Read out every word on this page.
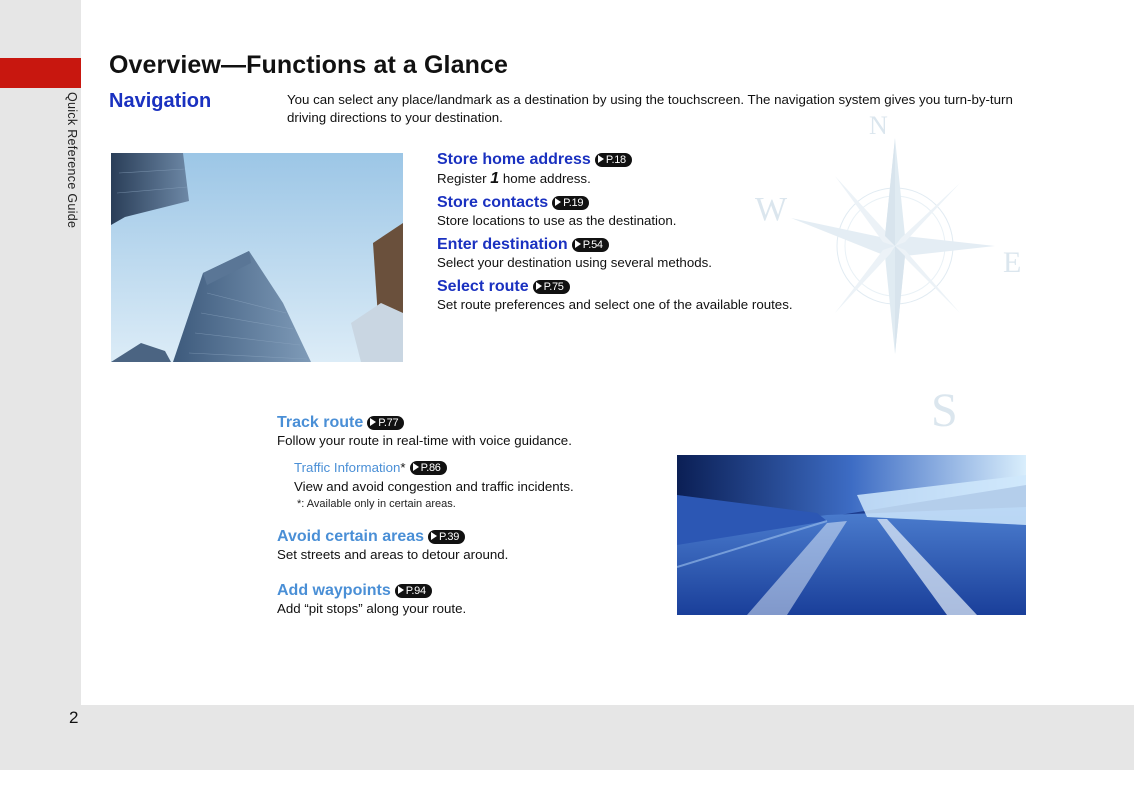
Quick Reference Guide
2
N
W
E
S
Overview—Functions at a Glance
Navigation	You can select any place/landmark as a destination by using the touchscreen. The navigation system gives you turn-by-turn driving directions to your destination.
Store home address P.18
Register 1 home address.
Store contacts P.19
Store locations to use as the destination.
Enter destination P.54
Select your destination using several methods.
Select route P.75
Set route preferences and select one of the available routes.
Track route P.77
Follow your route in real-time with voice guidance.
Traffic Information* P.86
View and avoid congestion and traffic incidents.
*: Available only in certain areas.
Avoid certain areas P.39
Set streets and areas to detour around.
Add waypoints P.94
Add “pit stops” along your route.
